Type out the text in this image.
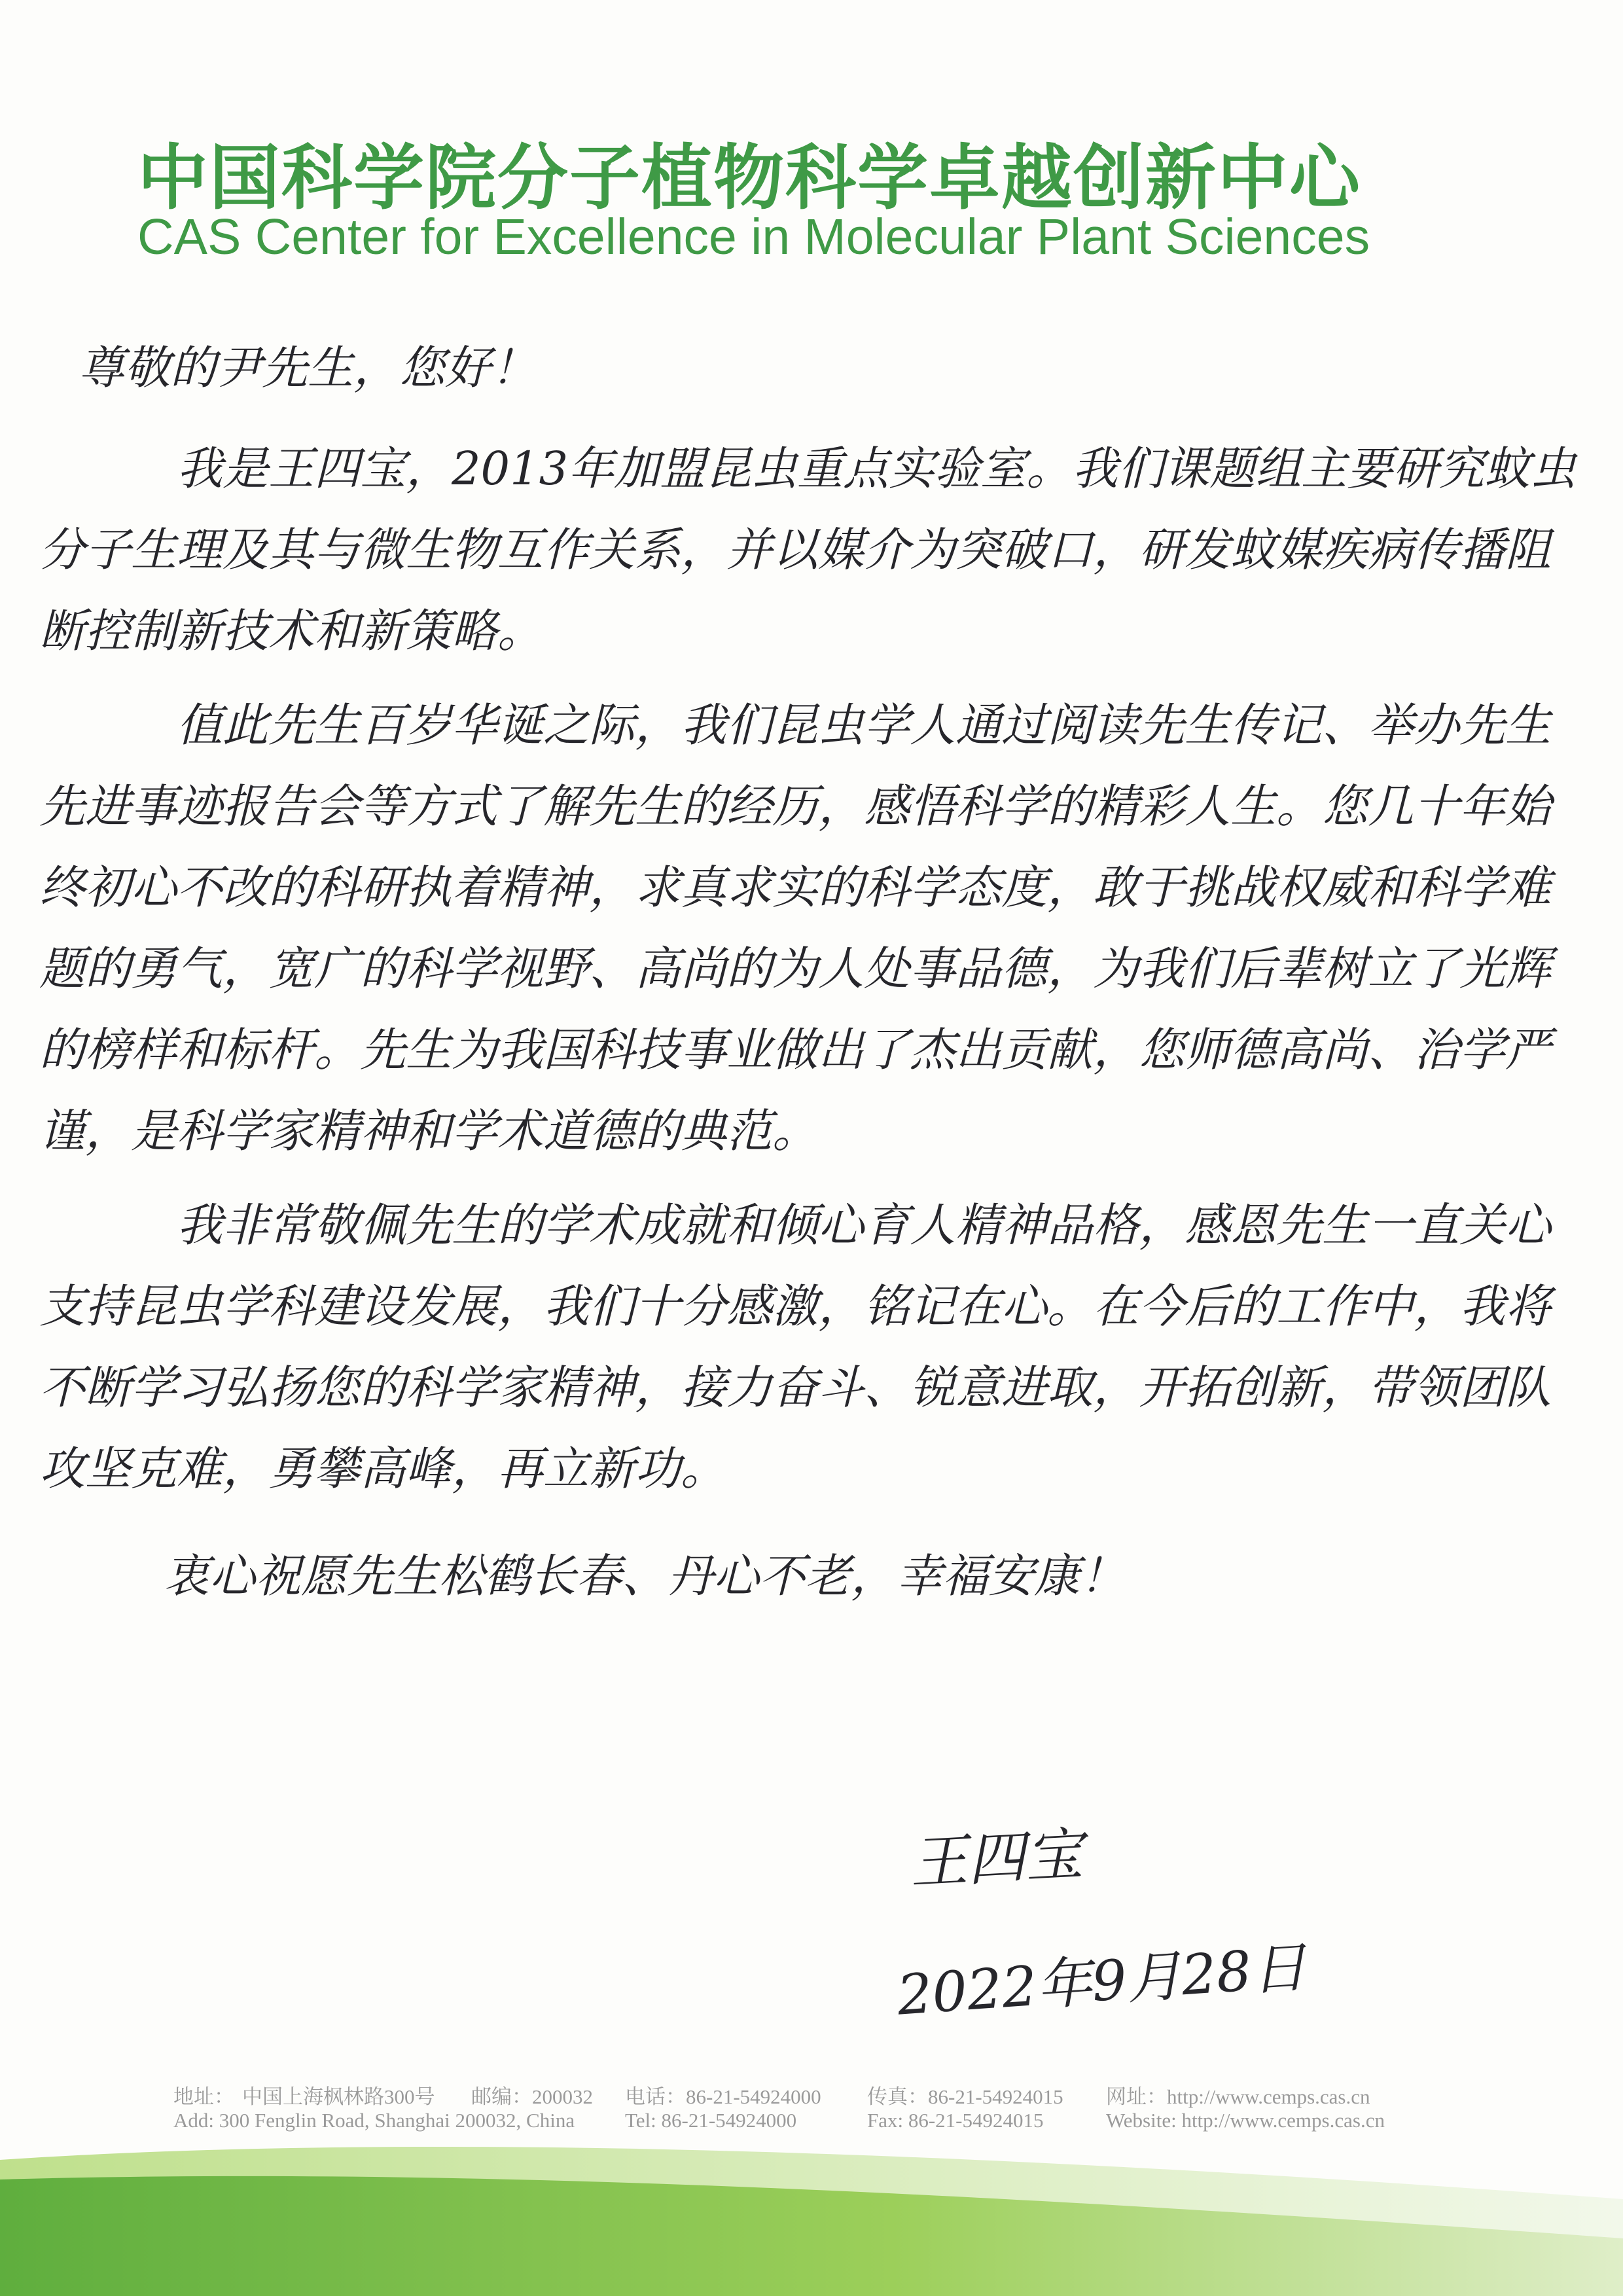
中国科学院分子植物科学卓越创新中心
CAS Center for Excellence in Molecular Plant Sciences

尊敬的尹先生，您好！

我是王四宝，2013年加盟昆虫重点实验室。我们课题组主要研究蚊虫分子生理及其与微生物互作关系，并以媒介为突破口，研发蚊媒疾病传播阻断控制新技术和新策略。

值此先生百岁华诞之际，我们昆虫学人通过阅读先生传记、举办先生先进事迹报告会等方式了解先生的经历，感悟科学的精彩人生。您几十年始终初心不改的科研执着精神，求真求实的科学态度，敢于挑战权威和科学难题的勇气，宽广的科学视野、高尚的为人处事品德，为我们后辈树立了光辉的榜样和标杆。先生为我国科技事业做出了杰出贡献，您师德高尚、治学严谨，是科学家精神和学术道德的典范。

我非常敬佩先生的学术成就和倾心育人精神品格，感恩先生一直关心支持昆虫学科建设发展，我们十分感激，铭记在心。在今后的工作中，我将不断学习弘扬您的科学家精神，接力奋斗、锐意进取，开拓创新，带领团队攻坚克难，勇攀高峰，再立新功。

衷心祝愿先生松鹤长春、丹心不老，幸福安康！

王四宝
2022年9月28日
地址： 中国上海枫林路300号 邮编：200032 电话：86-21-54924000 传真：86-21-54924015 网址：http://www.cemps.cas.cn
Add: 300 Fenglin Road, Shanghai 200032, China Tel: 86-21-54924000	Fax: 86-21-54924015	Website: http://www.cemps.cas.cn
